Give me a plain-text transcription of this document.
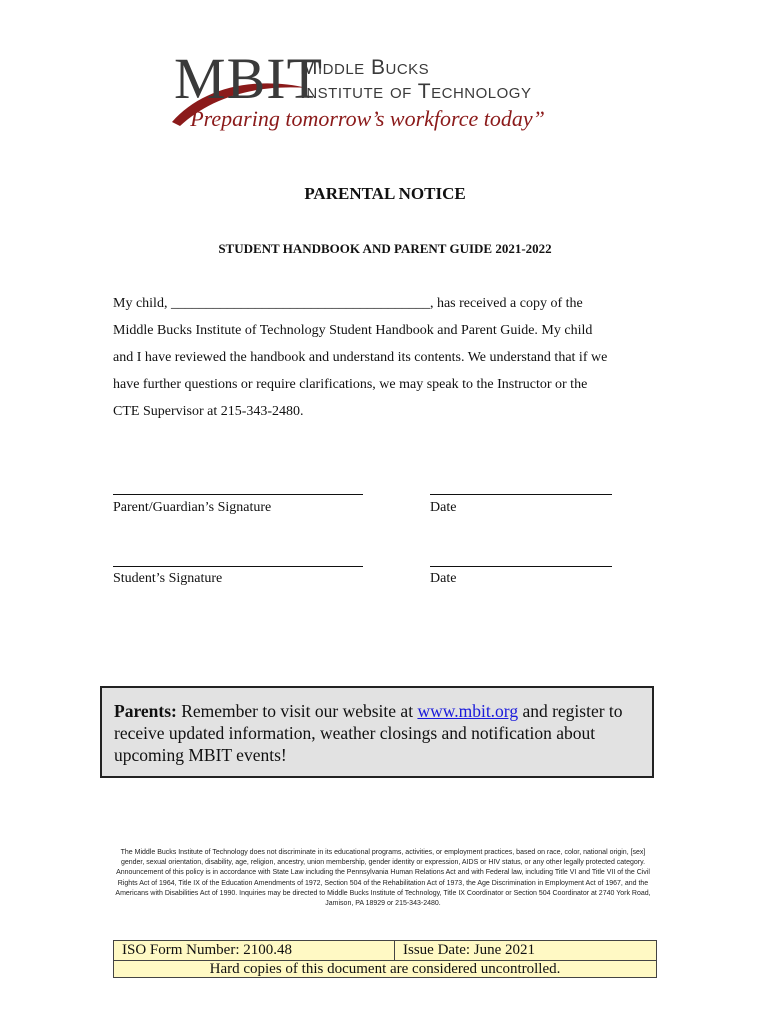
MBIT
Middle Bucks
Institute of Technology
“Preparing tomorrow’s workforce today”
PARENTAL NOTICE
STUDENT HANDBOOK AND PARENT GUIDE 2021-2022
My child, _____________________________________, has received a copy of the
Middle Bucks Institute of Technology Student Handbook and Parent Guide. My child
and I have reviewed the handbook and understand its contents. We understand that if we
have further questions or require clarifications, we may speak to the Instructor or the
CTE Supervisor at 215-343-2480.
Parent/Guardian’s Signature	Date
Student’s Signature	Date
Parents: Remember to visit our website at www.mbit.org and register to receive updated information, weather closings and notification about upcoming MBIT events!
The Middle Bucks Institute of Technology does not discriminate in its educational programs, activities, or employment practices, based on race, color, national origin, [sex] gender, sexual orientation, disability, age, religion, ancestry, union membership, gender identity or expression, AIDS or HIV status, or any other legally protected category. Announcement of this policy is in accordance with State Law including the Pennsylvania Human Relations Act and with Federal law, including Title VI and Title VII of the Civil Rights Act of 1964, Title IX of the Education Amendments of 1972, Section 504 of the Rehabilitation Act of 1973, the Age Discrimination in Employment Act of 1967, and the Americans with Disabilities Act of 1990. Inquiries may be directed to Middle Bucks Institute of Technology, Title IX Coordinator or Section 504 Coordinator at 2740 York Road, Jamison, PA 18929 or 215-343-2480.
ISO Form Number: 2100.48	Issue Date: June 2021
Hard copies of this document are considered uncontrolled.
